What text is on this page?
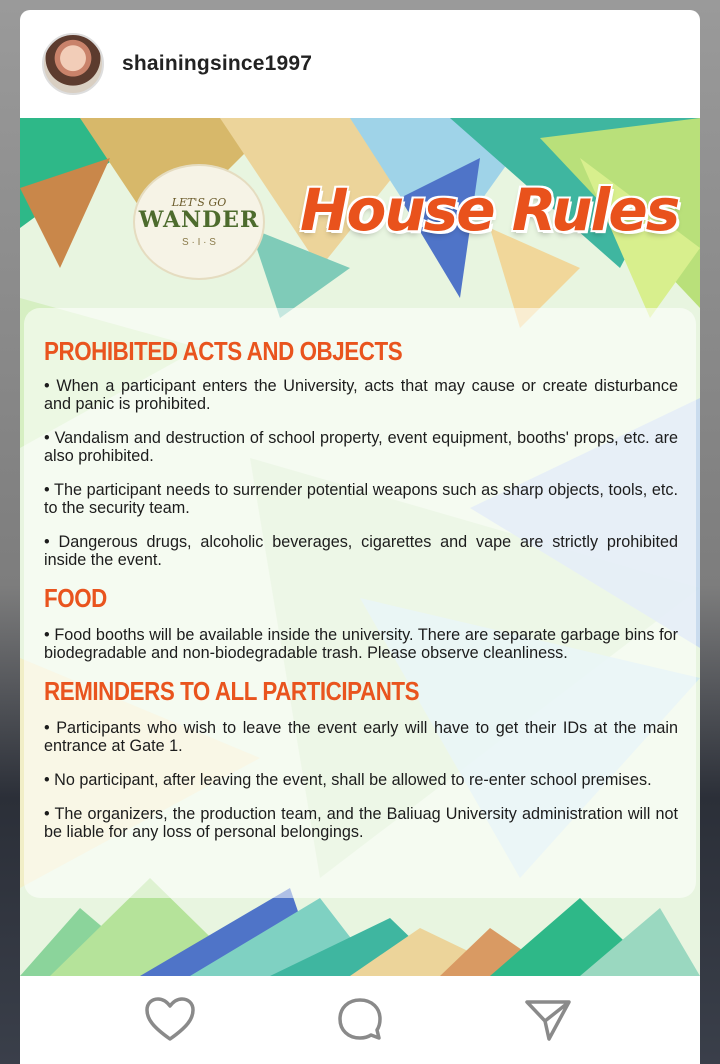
shainingsince1997
LET'S GO
WANDER
S · I · S House Rules
PROHIBITED ACTS AND OBJECTS

• When a participant enters the University, acts that may cause or create disturbance and panic is prohibited.

• Vandalism and destruction of school property, event equipment, booths' props, etc. are also prohibited.

• The participant needs to surrender potential weapons such as sharp objects, tools, etc. to the security team.

• Dangerous drugs, alcoholic beverages, cigarettes and vape are strictly prohibited inside the event.

FOOD

• Food booths will be available inside the university. There are separate garbage bins for biodegradable and non-biodegradable trash. Please observe cleanliness.

REMINDERS TO ALL PARTICIPANTS

• Participants who wish to leave the event early will have to get their IDs at the main entrance at Gate 1.

• No participant, after leaving the event, shall be allowed to re-enter school premises.

• The organizers, the production team, and the Baliuag University administration will not be liable for any loss of personal belongings.
